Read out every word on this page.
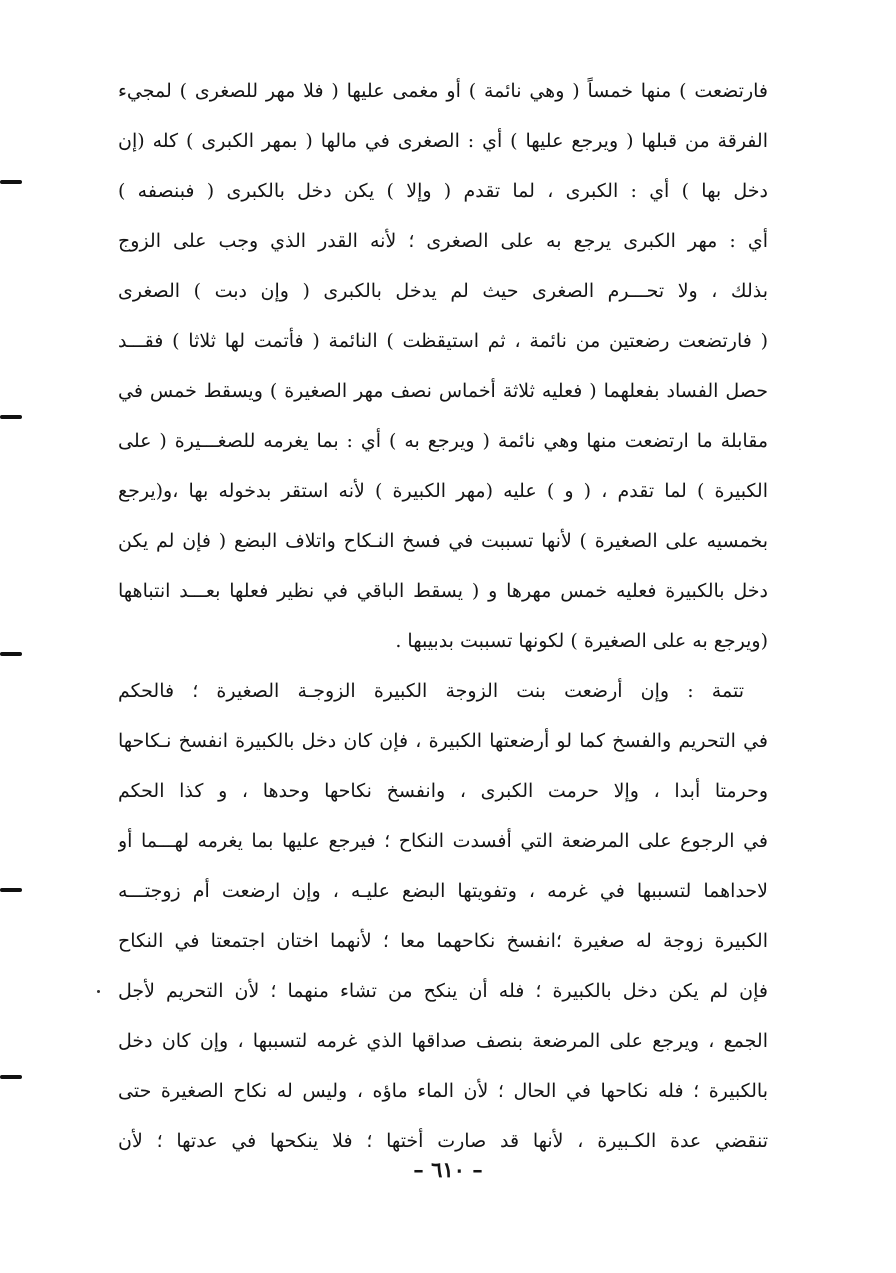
فارتضعت ) منها خمساً ( وهي نائمة ) أو مغمى عليها ( فلا مهر للصغرى ) لمجيء
الفرقة من قبلها ( ويرجع عليها ) أي : الصغرى في مالها ( بمهر الكبرى ) كله (إن
دخل بها ) أي : الكبرى ، لما تقدم ( وإلا ) يكن دخل بالكبرى ( فبنصفه )
أي : مهر الكبرى يرجع به على الصغرى ؛ لأنه القدر الذي وجب على الزوج
بذلك ، ولا تحـــرم الصغرى حيث لم يدخل بالكبرى ( وإن دبت ) الصغرى
( فارتضعت رضعتين من نائمة ، ثم استيقظت ) النائمة ( فأتمت لها ثلاثا ) فقـــد
حصل الفساد بفعلهما ( فعليه ثلاثة أخماس نصف مهر الصغيرة ) ويسقط خمس في
مقابلة ما ارتضعت منها وهي نائمة ( ويرجع به ) أي : بما يغرمه للصغـــيرة ( على
الكبيرة ) لما تقدم ، ( و ) عليه (مهر الكبيرة ) لأنه استقر بدخوله بها ،و(يرجع
بخمسيه على الصغيرة ) لأنها تسببت في فسخ النـكاح واتلاف البضع ( فإن لم يكن
دخل بالكبيرة فعليه خمس مهرها و ( يسقط الباقي في نظير فعلها بعـــد انتباهها
(ويرجع به على الصغيرة ) لكونها تسببت بدبيبها .
تتمة : وإن أرضعت بنت الزوجة الكبيرة الزوجـة الصغيرة ؛ فالحكم
في التحريم والفسخ كما لو أرضعتها الكبيرة ، فإن كان دخل بالكبيرة انفسخ نـكاحها
وحرمتا أبدا ، وإلا حرمت الكبرى ، وانفسخ نكاحها وحدها ، و كذا الحكم
في الرجوع على المرضعة التي أفسدت النكاح ؛ فيرجع عليها بما يغرمه لهـــما أو
لاحداهما لتسببها في غرمه ، وتفويتها البضع عليـه ، وإن ارضعت أم زوجتـــه
الكبيرة زوجة له صغيرة ؛انفسخ نكاحهما معا ؛ لأنهما اختان اجتمعتا في النكاح
فإن لم يكن دخل بالكبيرة ؛ فله أن ينكح من تشاء منهما ؛ لأن التحريم لأجل
الجمع ، ويرجع على المرضعة بنصف صداقها الذي غرمه لتسببها ، وإن كان دخل
بالكبيرة ؛ فله نكاحها في الحال ؛ لأن الماء ماؤه ، وليس له نكاح الصغيرة حتى
تنقضي عدة الكـبيرة ، لأنها قد صارت أختها ؛ فلا ينكحها في عدتها ؛ لأن
– ٦١٠ –
